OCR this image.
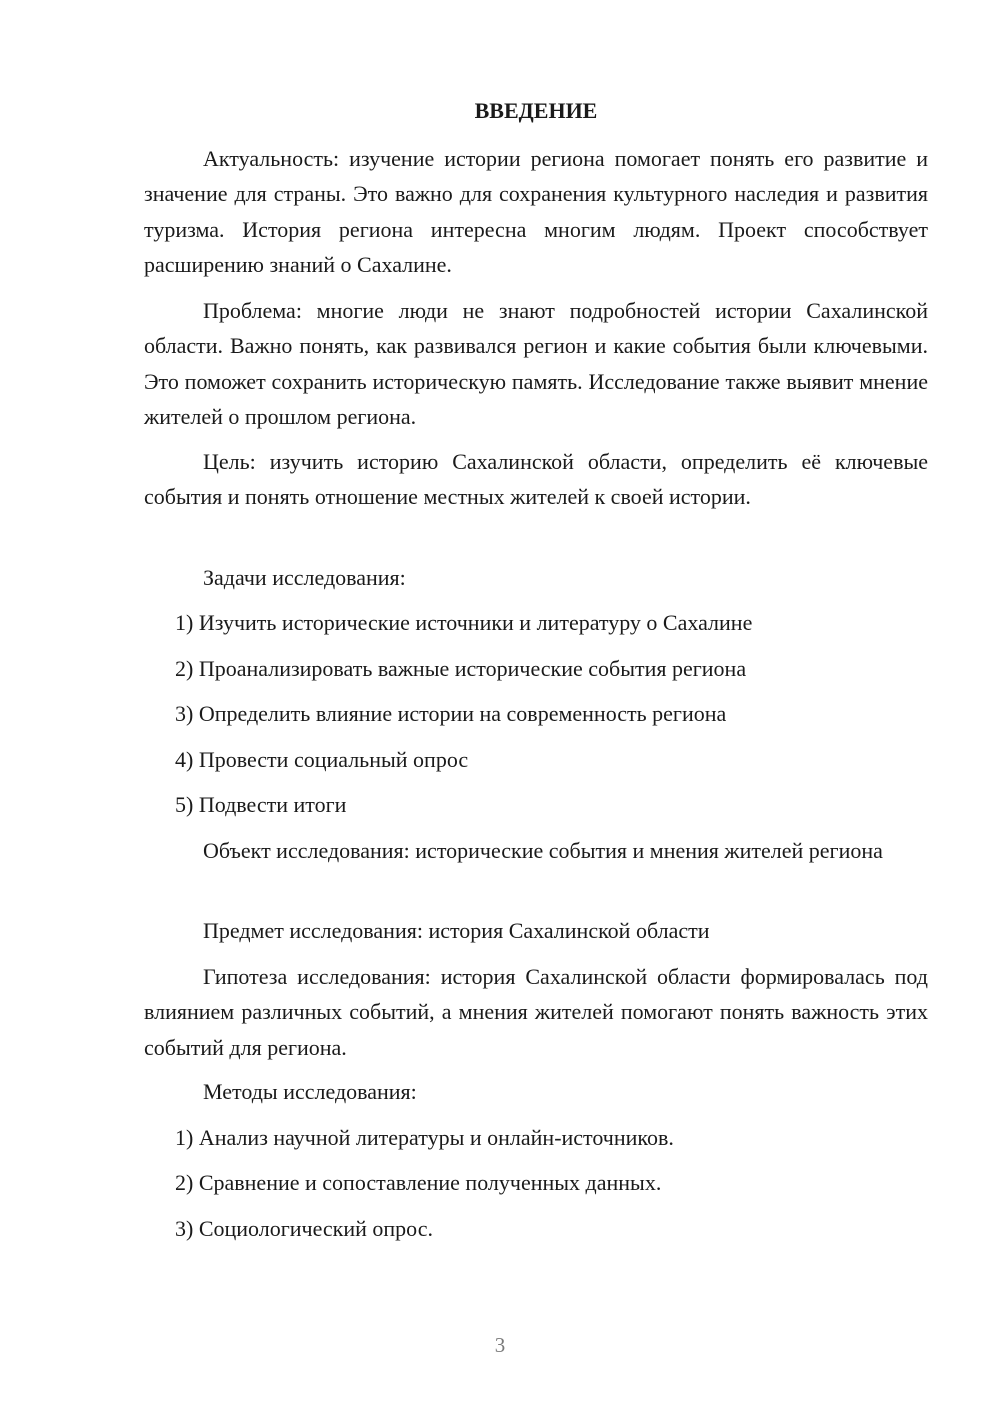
ВВЕДЕНИЕ

Актуальность: изучение истории региона помогает понять его развитие и значение для страны. Это важно для сохранения культурного наследия и развития туризма. История региона интересна многим людям. Проект способствует расширению знаний о Сахалине.

Проблема: многие люди не знают подробностей истории Сахалинской области. Важно понять, как развивался регион и какие события были ключевыми. Это поможет сохранить историческую память. Исследование также выявит мнение жителей о прошлом региона.

Цель: изучить историю Сахалинской области, определить её ключевые события и понять отношение местных жителей к своей истории.

Задачи исследования:

1) Изучить исторические источники и литературу о Сахалине

2) Проанализировать важные исторические события региона

3) Определить влияние истории на современность региона

4) Провести социальный опрос

5) Подвести итоги

Объект исследования: исторические события и мнения жителей региона

Предмет исследования: история Сахалинской области

Гипотеза исследования: история Сахалинской области формировалась под влиянием различных событий, а мнения жителей помогают понять важность этих событий для региона.

Методы исследования:

1) Анализ научной литературы и онлайн-источников.

2) Сравнение и сопоставление полученных данных.

3) Социологический опрос.

3
